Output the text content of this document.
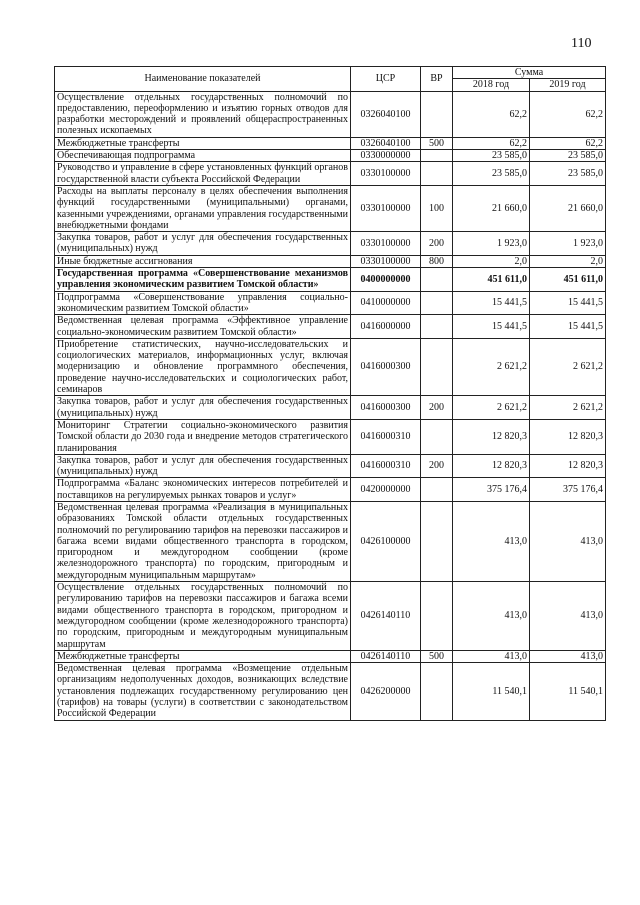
110
Наименование показателей	ЦСР	ВР	Сумма	
			2018 год	2019 год
Осуществление отдельных государственных полномочий по предоставлению, переоформлению и изъятию горных отводов для разработки месторождений и проявлений общераспространенных полезных ископаемых	0326040100		62,2	62,2
Межбюджетные трансферты	0326040100	500	62,2	62,2
Обеспечивающая подпрограмма	0330000000		23 585,0	23 585,0
Руководство и управление в сфере установленных функций органов государственной власти субъекта Российской Федерации	0330100000		23 585,0	23 585,0
Расходы на выплаты персоналу в целях обеспечения выполнения функций государственными (муниципальными) органами, казенными учреждениями, органами управления государственными внебюджетными фондами	0330100000	100	21 660,0	21 660,0
Закупка товаров, работ и услуг для обеспечения государственных (муниципальных) нужд	0330100000	200	1 923,0	1 923,0
Иные бюджетные ассигнования	0330100000	800	2,0	2,0
Государственная программа «Совершенствование механизмов управления экономическим развитием Томской области»	0400000000		451 611,0	451 611,0
Подпрограмма «Совершенствование управления социально-экономическим развитием Томской области»	0410000000		15 441,5	15 441,5
Ведомственная целевая программа «Эффективное управление социально-экономическим развитием Томской области»	0416000000		15 441,5	15 441,5
Приобретение статистических, научно-исследовательских и социологических материалов, информационных услуг, включая модернизацию и обновление программного обеспечения, проведение научно-исследовательских и социологических работ, семинаров	0416000300		2 621,2	2 621,2
Закупка товаров, работ и услуг для обеспечения государственных (муниципальных) нужд	0416000300	200	2 621,2	2 621,2
Мониторинг Стратегии социально-экономического развития Томской области до 2030 года и внедрение методов стратегического планирования	0416000310		12 820,3	12 820,3
Закупка товаров, работ и услуг для обеспечения государственных (муниципальных) нужд	0416000310	200	12 820,3	12 820,3
Подпрограмма «Баланс экономических интересов потребителей и поставщиков на регулируемых рынках товаров и услуг»	0420000000		375 176,4	375 176,4
Ведомственная целевая программа «Реализация в муниципальных образованиях Томской области отдельных государственных полномочий по регулированию тарифов на перевозки пассажиров и багажа всеми видами общественного транспорта в городском, пригородном и междугородном сообщении (кроме железнодорожного транспорта) по городским, пригородным и междугородным муниципальным маршрутам»	0426100000		413,0	413,0
Осуществление отдельных государственных полномочий по регулированию тарифов на перевозки пассажиров и багажа всеми видами общественного транспорта в городском, пригородном и междугородном сообщении (кроме железнодорожного транспорта) по городским, пригородным и междугородным муниципальным маршрутам	0426140110		413,0	413,0
Межбюджетные трансферты	0426140110	500	413,0	413,0
Ведомственная целевая программа «Возмещение отдельным организациям недополученных доходов, возникающих вследствие установления подлежащих государственному регулированию цен (тарифов) на товары (услуги) в соответствии с законодательством Российской Федерации	0426200000		11 540,1	11 540,1
